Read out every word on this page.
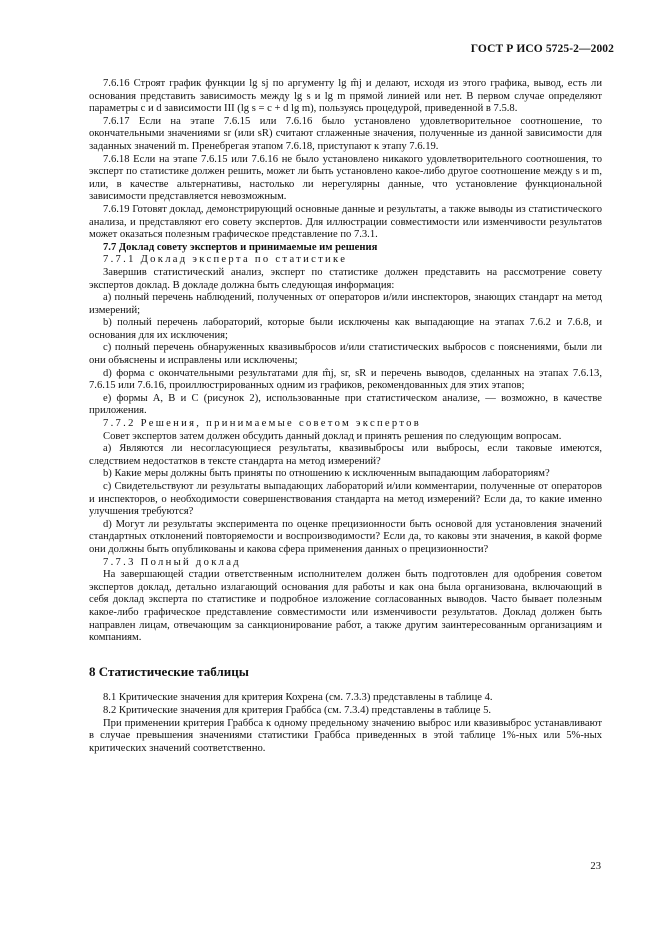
ГОСТ Р ИСО 5725-2—2002

7.6.16 Строят график функции lg sj по аргументу lg m̂j и делают, исходя из этого графика, вывод, есть ли основания представить зависимость между lg s и lg m прямой линией или нет. В первом случае определяют параметры c и d зависимости III (lg s = c + d lg m), пользуясь процедурой, приведенной в 7.5.8.

7.6.17 Если на этапе 7.6.15 или 7.6.16 было установлено удовлетворительное соотношение, то окончательными значениями sr (или sR) считают сглаженные значения, полученные из данной зависимости для заданных значений m. Пренебрегая этапом 7.6.18, приступают к этапу 7.6.19.

7.6.18 Если на этапе 7.6.15 или 7.6.16 не было установлено никакого удовлетворительного соотношения, то эксперт по статистике должен решить, может ли быть установлено какое-либо другое соотношение между s и m, или, в качестве альтернативы, настолько ли нерегулярны данные, что установление функциональной зависимости представляется невозможным.

7.6.19 Готовят доклад, демонстрирующий основные данные и результаты, а также выводы из статистического анализа, и представляют его совету экспертов. Для иллюстрации совместимости или изменчивости результатов может оказаться полезным графическое представление по 7.3.1.

7.7 Доклад совету экспертов и принимаемые им решения

7.7.1 Доклад эксперта по статистике

Завершив статистический анализ, эксперт по статистике должен представить на рассмотрение совету экспертов доклад. В докладе должна быть следующая информация:

a) полный перечень наблюдений, полученных от операторов и/или инспекторов, знающих стандарт на метод измерений;

b) полный перечень лабораторий, которые были исключены как выпадающие на этапах 7.6.2 и 7.6.8, и основания для их исключения;

c) полный перечень обнаруженных квазивыбросов и/или статистических выбросов с пояснениями, были ли они объяснены и исправлены или исключены;

d) форма с окончательными результатами для m̂j, sr, sR и перечень выводов, сделанных на этапах 7.6.13, 7.6.15 или 7.6.16, проиллюстрированных одним из графиков, рекомендованных для этих этапов;

e) формы A, B и C (рисунок 2), использованные при статистическом анализе, — возможно, в качестве приложения.

7.7.2 Решения, принимаемые советом экспертов

Совет экспертов затем должен обсудить данный доклад и принять решения по следующим вопросам.

a) Являются ли несогласующиеся результаты, квазивыбросы или выбросы, если таковые имеются, следствием недостатков в тексте стандарта на метод измерений?

b) Какие меры должны быть приняты по отношению к исключенным выпадающим лабораториям?

c) Свидетельствуют ли результаты выпадающих лабораторий и/или комментарии, полученные от операторов и инспекторов, о необходимости совершенствования стандарта на метод измерений? Если да, то какие именно улучшения требуются?

d) Могут ли результаты эксперимента по оценке прецизионности быть основой для установления значений стандартных отклонений повторяемости и воспроизводимости? Если да, то каковы эти значения, в какой форме они должны быть опубликованы и какова сфера применения данных о прецизионности?

7.7.3 Полный доклад

На завершающей стадии ответственным исполнителем должен быть подготовлен для одобрения советом экспертов доклад, детально излагающий основания для работы и как она была организована, включающий в себя доклад эксперта по статистике и подробное изложение согласованных выводов. Часто бывает полезным какое-либо графическое представление совместимости или изменчивости результатов. Доклад должен быть направлен лицам, отвечающим за санкционирование работ, а также другим заинтересованным организациям и компаниям.

8 Статистические таблицы

8.1 Критические значения для критерия Кохрена (см. 7.3.3) представлены в таблице 4.

8.2 Критические значения для критерия Граббса (см. 7.3.4) представлены в таблице 5.

При применении критерия Граббса к одному предельному значению выброс или квазивыброс устанавливают в случае превышения значениями статистики Граббса приведенных в этой таблице 1%-ных или 5%-ных критических значений соответственно.

23
